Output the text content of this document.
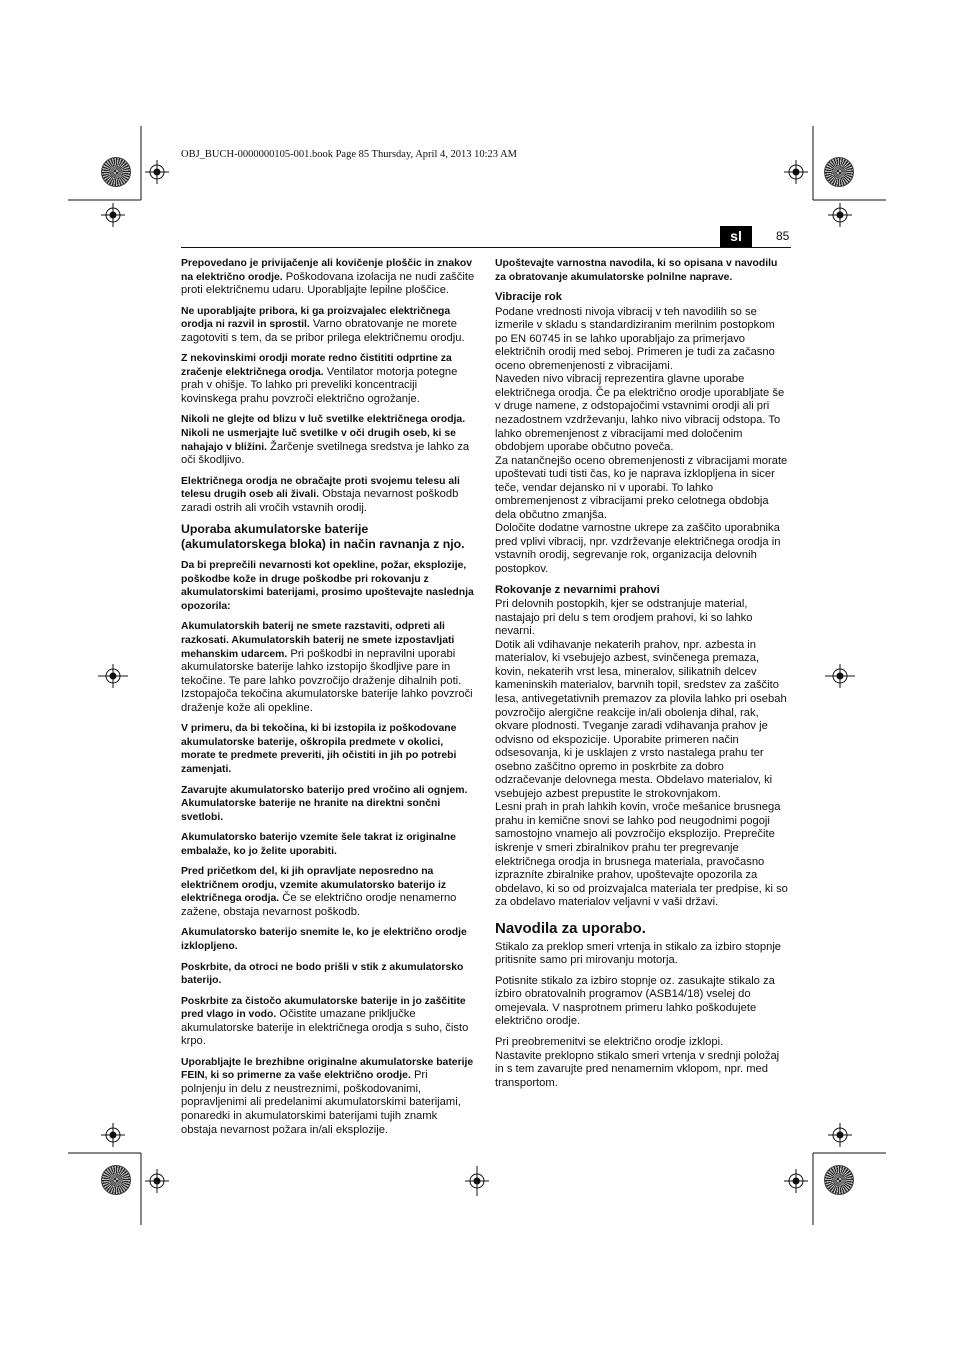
OBJ_BUCH-0000000105-001.book Page 85 Thursday, April 4, 2013 10:23 AM
sl	85

Prepovedano je privijačenje ali kovičenje ploščic in znakov na električno orodje. Poškodovana izolacija ne nudi zaščite proti električnemu udaru. Uporabljajte lepilne ploščice.

Ne uporabljajte pribora, ki ga proizvajalec električnega orodja ni razvil in sprostil. Varno obratovanje ne morete zagotoviti s tem, da se pribor prilega električnemu orodju.

Z nekovinskimi orodji morate redno čistititi odprtine za zračenje električnega orodja. Ventilator motorja potegne prah v ohišje. To lahko pri preveliki koncentraciji kovinskega prahu povzroči električno ogrožanje.

Nikoli ne glejte od blizu v luč svetilke električnega orodja. Nikoli ne usmerjajte luč svetilke v oči drugih oseb, ki se nahajajo v bližini. Žarčenje svetilnega sredstva je lahko za oči škodljivo.

Električnega orodja ne obračajte proti svojemu telesu ali telesu drugih oseb ali živali. Obstaja nevarnost poškodb zaradi ostrih ali vročih vstavnih orodij.

Uporaba akumulatorske baterije (akumulatorskega bloka) in način ravnanja z njo.

Da bi preprečili nevarnosti kot opekline, požar, eksplozije, poškodbe kože in druge poškodbe pri rokovanju z akumulatorskimi baterijami, prosimo upoštevajte naslednja opozorila:

Akumulatorskih baterij ne smete razstaviti, odpreti ali razkosati. Akumulatorskih baterij ne smete izpostavljati mehanskim udarcem. Pri poškodbi in nepravilni uporabi akumulatorske baterije lahko izstopijo škodljive pare in tekočine. Te pare lahko povzročijo draženje dihalnih poti. Izstopajoča tekočina akumulatorske baterije lahko povzroči draženje kože ali opekline.

V primeru, da bi tekočina, ki bi izstopila iz poškodovane akumulatorske baterije, oškropila predmete v okolici, morate te predmete preveriti, jih očistiti in jih po potrebi zamenjati.

Zavarujte akumulatorsko baterijo pred vročino ali ognjem. Akumulatorske baterije ne hranite na direktni sončni svetlobi.

Akumulatorsko baterijo vzemite šele takrat iz originalne embalaže, ko jo želite uporabiti.

Pred pričetkom del, ki jih opravljate neposredno na električnem orodju, vzemite akumulatorsko baterijo iz električnega orodja. Če se električno orodje nenamerno zažene, obstaja nevarnost poškodb.

Akumulatorsko baterijo snemite le, ko je električno orodje izklopljeno.

Poskrbite, da otroci ne bodo prišli v stik z akumulatorsko baterijo.

Poskrbite za čistočo akumulatorske baterije in jo zaščitite pred vlago in vodo. Očistite umazane priključke akumulatorske baterije in električnega orodja s suho, čisto krpo.

Uporabljajte le brezhibne originalne akumulatorske baterije FEIN, ki so primerne za vaše električno orodje. Pri polnjenju in delu z neustreznimi, poškodovanimi, popravljenimi ali predelanimi akumulatorskimi baterijami, ponaredki in akumulatorskimi baterijami tujih znamk obstaja nevarnost požara in/ali eksplozije.

Upoštevajte varnostna navodila, ki so opisana v navodilu za obratovanje akumulatorske polnilne naprave.

Vibracije rok

Podane vrednosti nivoja vibracij v teh navodilih so se izmerile v skladu s standardiziranim merilnim postopkom po EN 60745 in se lahko uporabljajo za primerjavo električnih orodij med seboj. Primeren je tudi za začasno oceno obremenjenosti z vibracijami.

Naveden nivo vibracij reprezentira glavne uporabe električnega orodja. Če pa električno orodje uporabljate še v druge namene, z odstopajočimi vstavnimi orodji ali pri nezadostnem vzdrževanju, lahko nivo vibracij odstopa. To lahko obremenjenost z vibracijami med določenim obdobjem uporabe občutno poveča.

Za natančnejšo oceno obremenjenosti z vibracijami morate upoštevati tudi tisti čas, ko je naprava izklopljena in sicer teče, vendar dejansko ni v uporabi. To lahko ombremenjenost z vibracijami preko celotnega obdobja dela občutno zmanjša.

Določite dodatne varnostne ukrepe za zaščito uporabnika pred vplivi vibracij, npr. vzdrževanje električnega orodja in vstavnih orodij, segrevanje rok, organizacija delovnih postopkov.

Rokovanje z nevarnimi prahovi

Pri delovnih postopkih, kjer se odstranjuje material, nastajajo pri delu s tem orodjem prahovi, ki so lahko nevarni.

Dotik ali vdihavanje nekaterih prahov, npr. azbesta in materialov, ki vsebujejo azbest, svinčenega premaza, kovin, nekaterih vrst lesa, mineralov, silikatnih delcev kameninskih materialov, barvnih topil, sredstev za zaščito lesa, antivegetativnih premazov za plovila lahko pri osebah povzročijo alergične reakcije in/ali obolenja dihal, rak, okvare plodnosti. Tveganje zaradi vdihavanja prahov je odvisno od ekspozicije. Uporabite primeren način odsesovanja, ki je usklajen z vrsto nastalega prahu ter osebno zaščitno opremo in poskrbite za dobro odzračevanje delovnega mesta. Obdelavo materialov, ki vsebujejo azbest prepustite le strokovnjakom.

Lesni prah in prah lahkih kovin, vroče mešanice brusnega prahu in kemične snovi se lahko pod neugodnimi pogoji samostojno vnamejo ali povzročijo eksplozijo. Preprečite iskrenje v smeri zbiralnikov prahu ter pregrevanje električnega orodja in brusnega materiala, pravočasno izprazníte zbiralnike prahov, upoštevajte opozorila za obdelavo, ki so od proizvajalca materiala ter predpise, ki so za obdelavo materialov veljavni v vaši državi.

Navodila za uporabo.

Stikalo za preklop smeri vrtenja in stikalo za izbiro stopnje pritisnite samo pri mirovanju motorja.

Potisnite stikalo za izbiro stopnje oz. zasukajte stikalo za izbiro obratovalnih programov (ASB14/18) vselej do omejevala. V nasprotnem primeru lahko poškodujete električno orodje.

Pri preobremenitvi se električno orodje izklopi.

Nastavite preklopno stikalo smeri vrtenja v srednji položaj in s tem zavarujte pred nenamernim vklopom, npr. med transportom.
